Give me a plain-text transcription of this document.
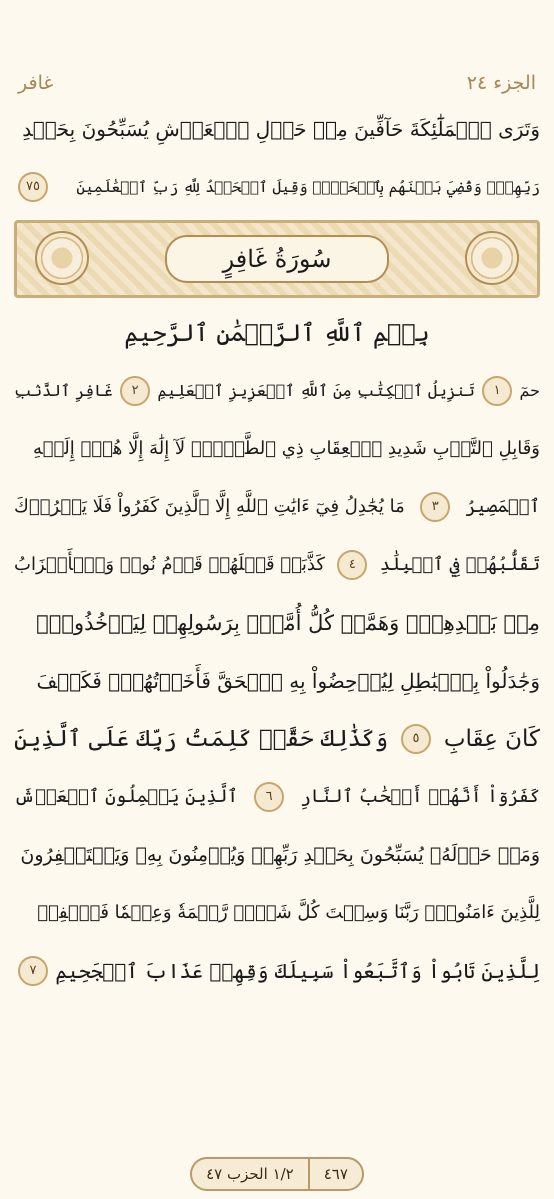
غافر	الجزء ٢٤
وَتَرَى ٱلۡمَلَٰٓئِكَةَ حَآفِّينَ مِنۡ حَوۡلِ ٱلۡعَرۡشِ يُسَبِّحُونَ بِحَمۡدِ
رَبِّهِمۡۖ وَقُضِيَ بَيۡنَهُم بِٱلۡحَقِّۚ وَقِيلَ ٱلۡحَمۡدُ لِلَّهِ رَبِّ ٱلۡعَٰلَمِينَ
٧٥
سُورَةُ غَافِرٍ
بِسۡمِ ٱللَّهِ ٱلرَّحۡمَٰنِ ٱلرَّحِيمِ
حمٓ
١
تَنزِيلُ ٱلۡكِتَٰبِ مِنَ ٱللَّهِ ٱلۡعَزِيزِ ٱلۡعَلِيمِ
٢
غَافِرِ ٱلذَّنۢبِ
وَقَابِلِ ٱلتَّوۡبِ شَدِيدِ ٱلۡعِقَابِ ذِي ٱلطَّوۡلِۖ لَآ إِلَٰهَ إِلَّا هُوَۖ إِلَيۡهِ
ٱلۡمَصِيرُ
٣
مَا يُجَٰدِلُ فِيٓ ءَايَٰتِ ٱللَّهِ إِلَّا ٱلَّذِينَ كَفَرُواْ فَلَا يَغۡرُرۡكَ
تَقَلُّبُهُمۡ فِي ٱلۡبِلَٰدِ
٤
كَذَّبَتۡ قَبۡلَهُمۡ قَوۡمُ نُوحٖ وَٱلۡأَحۡزَابُ
مِنۢ بَعۡدِهِمۡۖ وَهَمَّتۡ كُلُّ أُمَّةِۭ بِرَسُولِهِمۡ لِيَأۡخُذُوهُۖ
وَجَٰدَلُواْ بِٱلۡبَٰطِلِ لِيُدۡحِضُواْ بِهِ ٱلۡحَقَّ فَأَخَذۡتُهُمۡۖ فَكَيۡفَ
كَانَ عِقَابِ
٥
وَكَذَٰلِكَ حَقَّتۡ كَلِمَتُ رَبِّكَ عَلَى ٱلَّذِينَ
كَفَرُوٓاْ أَنَّهُمۡ أَصۡحَٰبُ ٱلنَّارِ
٦
ٱلَّذِينَ يَحۡمِلُونَ ٱلۡعَرۡشَ
وَمَنۡ حَوۡلَهُۥ يُسَبِّحُونَ بِحَمۡدِ رَبِّهِمۡ وَيُؤۡمِنُونَ بِهِۦ وَيَسۡتَغۡفِرُونَ
لِلَّذِينَ ءَامَنُواْۖ رَبَّنَا وَسِعۡتَ كُلَّ شَيۡءٖ رَّحۡمَةٗ وَعِلۡمٗا فَٱغۡفِرۡ
لِلَّذِينَ تَابُواْ وَٱتَّبَعُواْ سَبِيلَكَ وَقِهِمۡ عَذَابَ ٱلۡجَحِيمِ
٧
١/٢ الحزب ٤٧	٤٦٧
